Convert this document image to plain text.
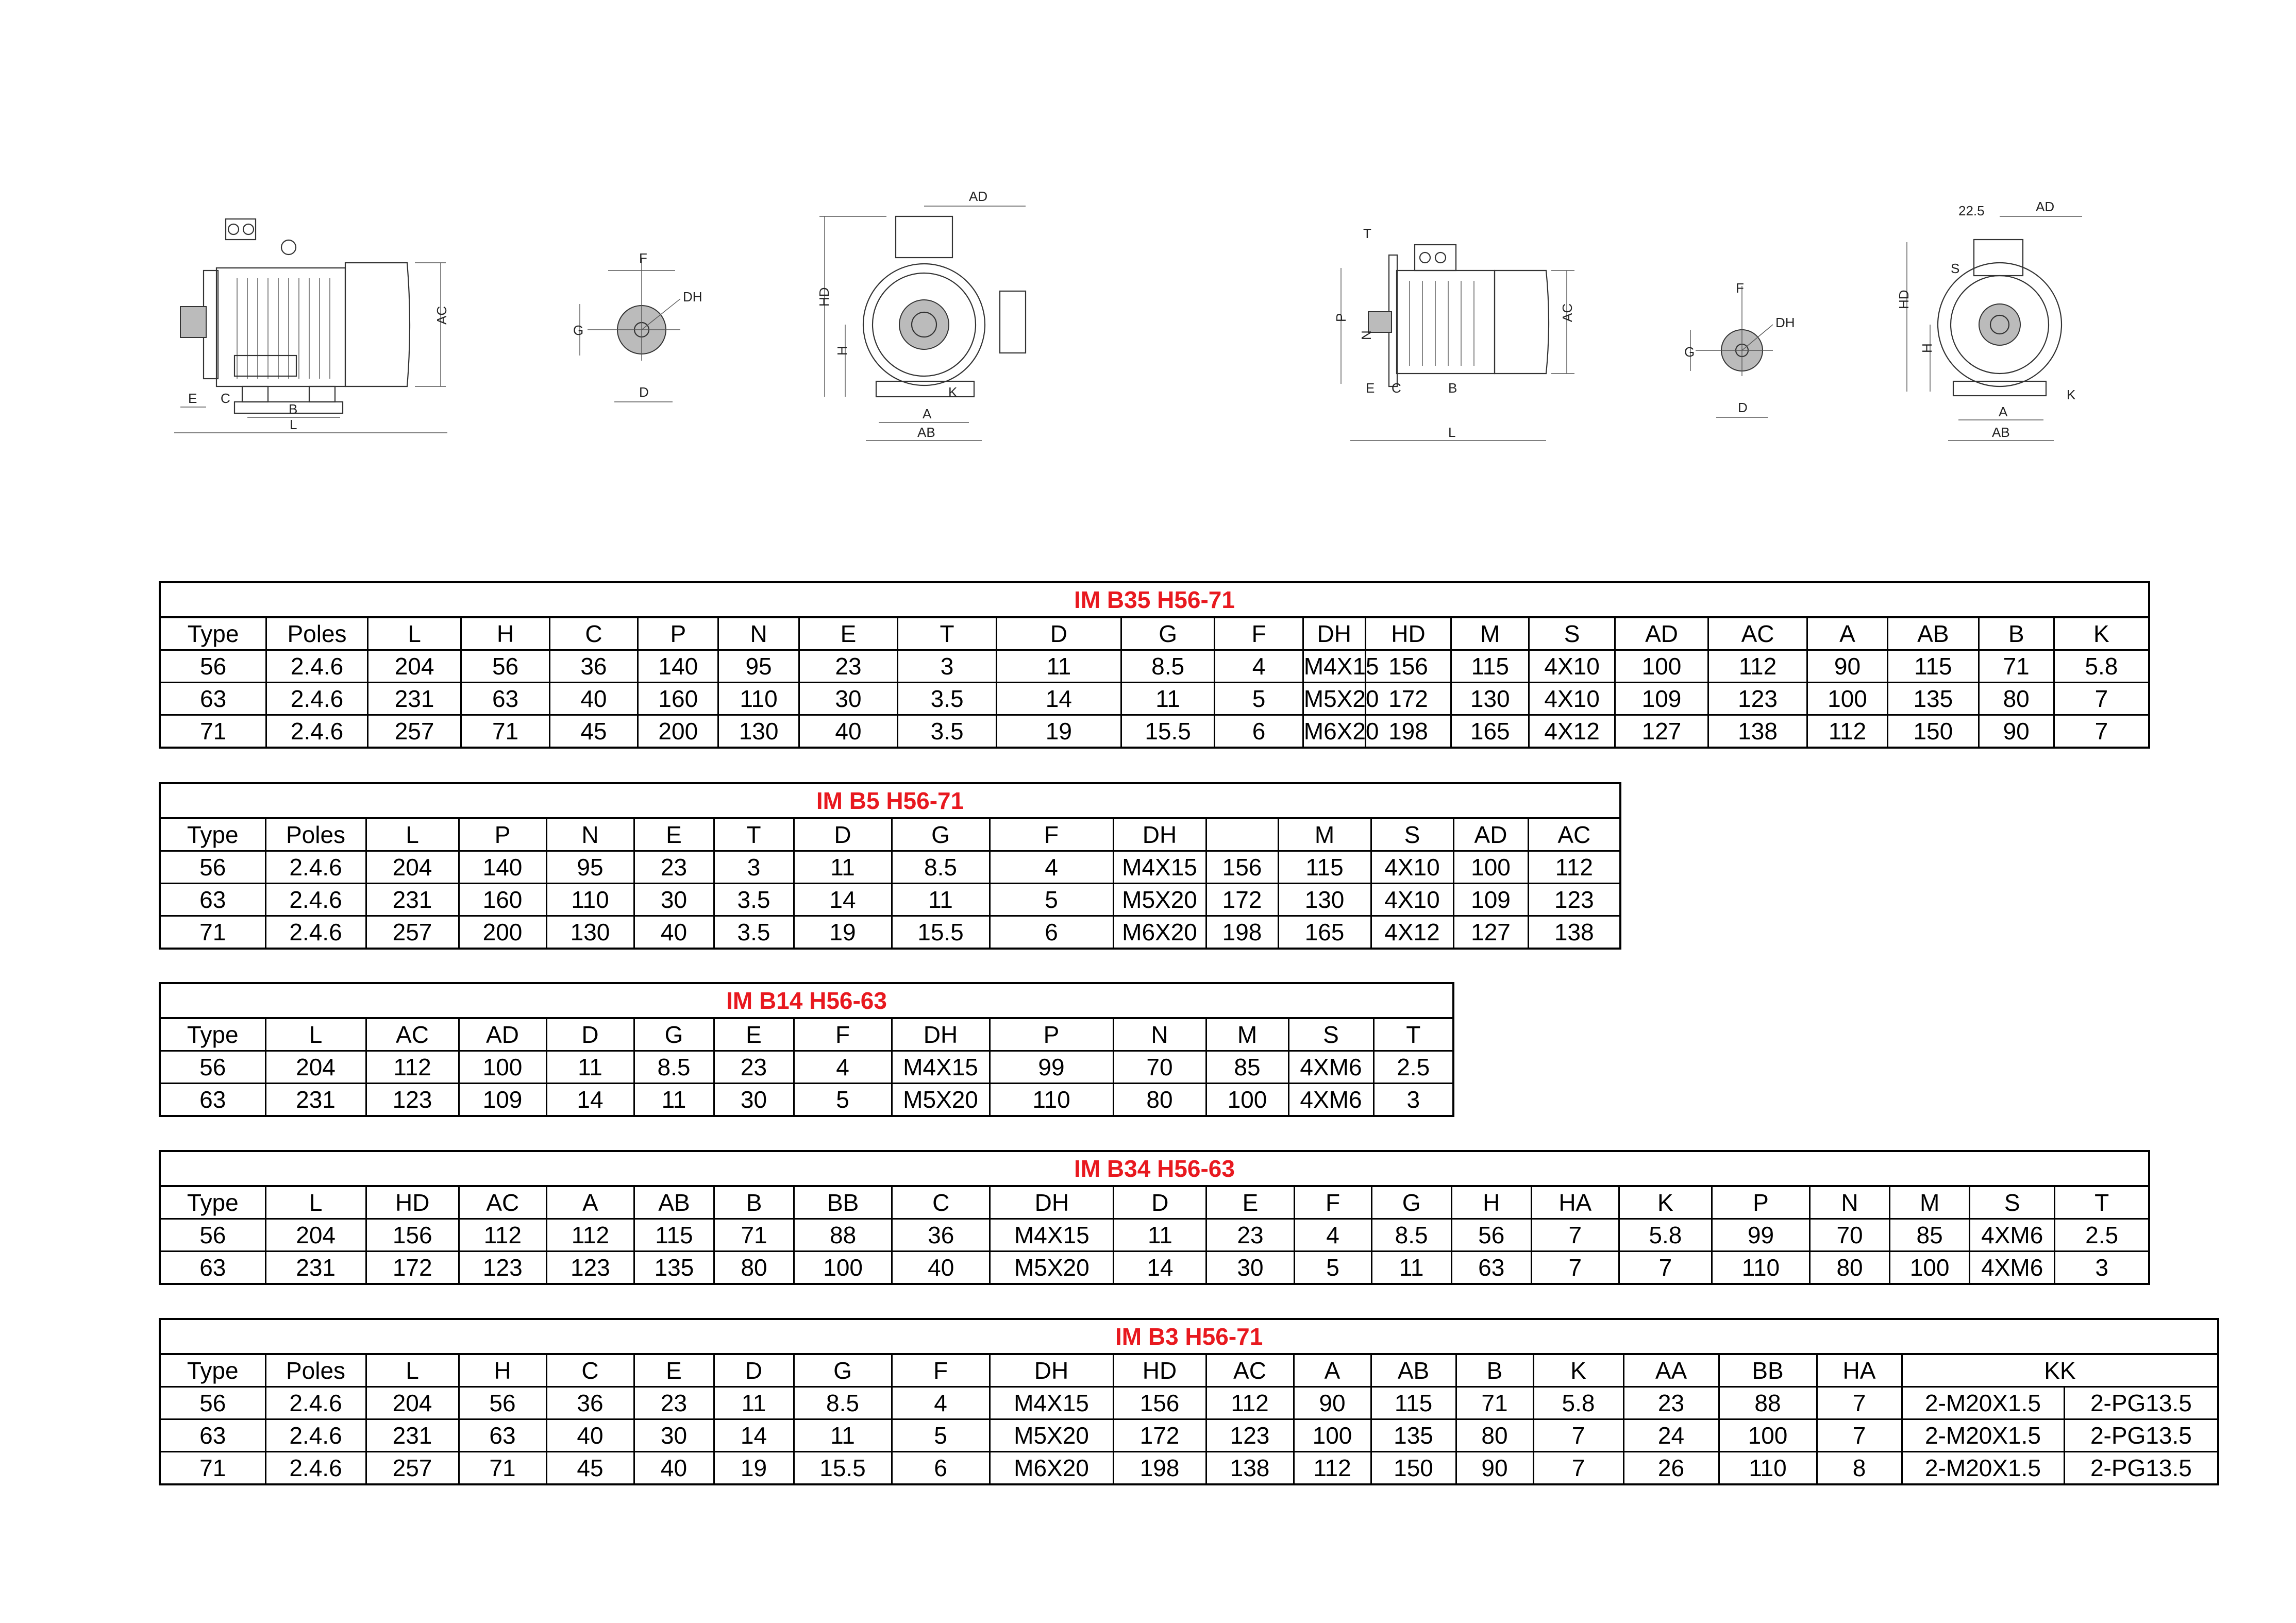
AC
E C
B
L
F
DH
G
D
HD
H
AD
A
AB
K
P
N
T
AC
E C	B
L
F
DH
G
D
HD
H
AD
22.5
S
A
AB
K
IM B35 H56-71																					
Type	Poles	L	H	C	P	N	E	T	D	G	F	DH	HD	M	S	AD	AC	A	AB	B	K
56	2.4.6	204	56	36	140	95	23	3	11	8.5	4	M4X15	156	115	4X10	100	112	90	115	71	5.8
63	2.4.6	231	63	40	160	110	30	3.5	14	11	5	M5X20	172	130	4X10	109	123	100	135	80	7
71	2.4.6	257	71	45	200	130	40	3.5	19	15.5	6	M6X20	198	165	4X12	127	138	112	150	90	7
IM B5 H56-71															
Type	Poles	L	P	N	E	T	D	G	F	DH		M	S	AD	AC
56	2.4.6	204	140	95	23	3	11	8.5	4	M4X15	156	115	4X10	100	112
63	2.4.6	231	160	110	30	3.5	14	11	5	M5X20	172	130	4X10	109	123
71	2.4.6	257	200	130	40	3.5	19	15.5	6	M6X20	198	165	4X12	127	138
IM B14 H56-63													
Type	L	AC	AD	D	G	E	F	DH	P	N	M	S	T
56	204	112	100	11	8.5	23	4	M4X15	99	70	85	4XM6	2.5
63	231	123	109	14	11	30	5	M5X20	110	80	100	4XM6	3
IM B34 H56-63																					
Type	L	HD	AC	A	AB	B	BB	C	DH	D	E	F	G	H	HA	K	P	N	M	S	T
56	204	156	112	112	115	71	88	36	M4X15	11	23	4	8.5	56	7	5.8	99	70	85	4XM6	2.5
63	231	172	123	123	135	80	100	40	M5X20	14	30	5	11	63	7	7	110	80	100	4XM6	3
IM B3 H56-71																				
Type	Poles	L	H	C	E	D	G	F	DH	HD	AC	A	AB	B	K	AA	BB	HA	KK	
56	2.4.6	204	56	36	23	11	8.5	4	M4X15	156	112	90	115	71	5.8	23	88	7	2-M20X1.5	2-PG13.5
63	2.4.6	231	63	40	30	14	11	5	M5X20	172	123	100	135	80	7	24	100	7	2-M20X1.5	2-PG13.5
71	2.4.6	257	71	45	40	19	15.5	6	M6X20	198	138	112	150	90	7	26	110	8	2-M20X1.5	2-PG13.5
